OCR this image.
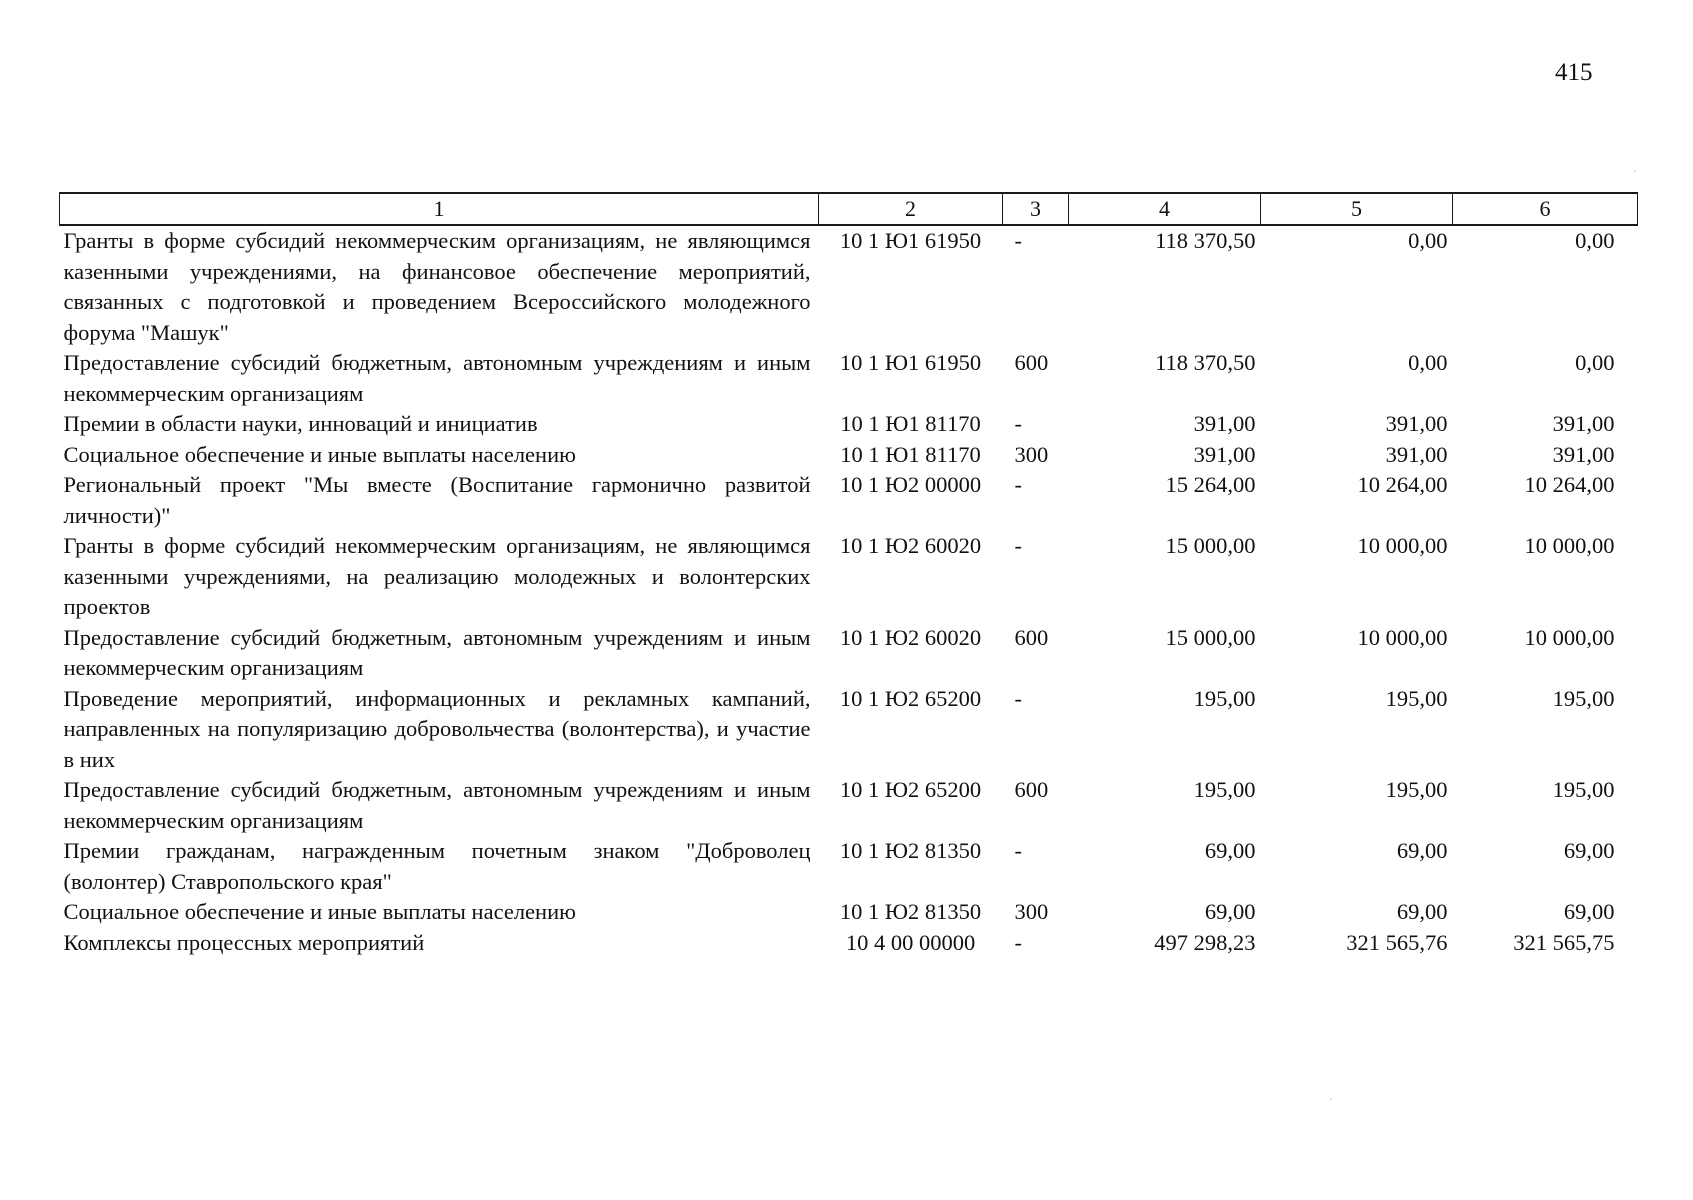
415
1	2	3	4	5	6
Гранты в форме субсидий некоммерческим организациям, не являющимся казенными учреждениями, на финансовое обеспечение мероприятий, связанных с подготовкой и проведением Всероссийского молодежного форума "Машук"	10 1 Ю1 61950	-	118 370,50	0,00	0,00
Предоставление субсидий бюджетным, автономным учреждениям и иным некоммерческим организациям	10 1 Ю1 61950	600	118 370,50	0,00	0,00
Премии в области науки, инноваций и инициатив	10 1 Ю1 81170	-	391,00	391,00	391,00
Социальное обеспечение и иные выплаты населению	10 1 Ю1 81170	300	391,00	391,00	391,00
Региональный проект "Мы вместе (Воспитание гармонично развитой личности)"	10 1 Ю2 00000	-	15 264,00	10 264,00	10 264,00
Гранты в форме субсидий некоммерческим организациям, не являющимся казенными учреждениями, на реализацию молодежных и волонтерских проектов	10 1 Ю2 60020	-	15 000,00	10 000,00	10 000,00
Предоставление субсидий бюджетным, автономным учреждениям и иным некоммерческим организациям	10 1 Ю2 60020	600	15 000,00	10 000,00	10 000,00
Проведение мероприятий, информационных и рекламных кампаний, направленных на популяризацию добровольчества (волонтерства), и участие в них	10 1 Ю2 65200	-	195,00	195,00	195,00
Предоставление субсидий бюджетным, автономным учреждениям и иным некоммерческим организациям	10 1 Ю2 65200	600	195,00	195,00	195,00
Премии гражданам, награжденным почетным знаком "Доброволец (волонтер) Ставропольского края"	10 1 Ю2 81350	-	69,00	69,00	69,00
Социальное обеспечение и иные выплаты населению	10 1 Ю2 81350	300	69,00	69,00	69,00
Комплексы процессных мероприятий	10 4 00 00000	-	497 298,23	321 565,76	321 565,75
